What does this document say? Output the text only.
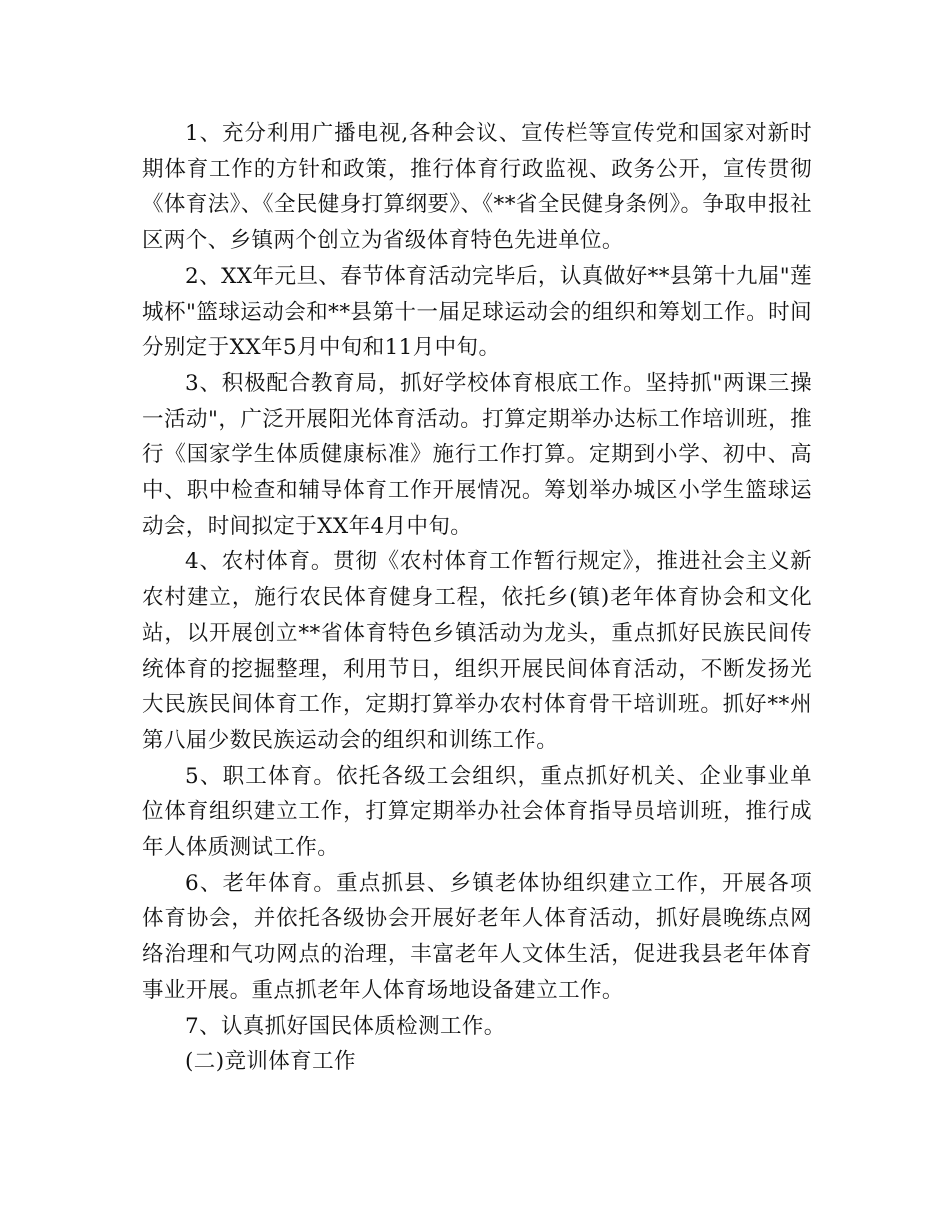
1、充分利用广播电视,各种会议、宣传栏等宣传党和国家对新时期体育工作的方针和政策，推行体育行政监视、政务公开，宣传贯彻《体育法》、《全民健身打算纲要》、《**省全民健身条例》。争取申报社区两个、乡镇两个创立为省级体育特色先进单位。

2、XX年元旦、春节体育活动完毕后，认真做好**县第十九届"莲城杯"篮球运动会和**县第十一届足球运动会的组织和筹划工作。时间分别定于XX年5月中旬和11月中旬。

3、积极配合教育局，抓好学校体育根底工作。坚持抓"两课三操一活动"，广泛开展阳光体育活动。打算定期举办达标工作培训班，推行《国家学生体质健康标准》施行工作打算。定期到小学、初中、高中、职中检查和辅导体育工作开展情况。筹划举办城区小学生篮球运动会，时间拟定于XX年4月中旬。

4、农村体育。贯彻《农村体育工作暂行规定》，推进社会主义新农村建立，施行农民体育健身工程，依托乡(镇)老年体育协会和文化站，以开展创立**省体育特色乡镇活动为龙头，重点抓好民族民间传统体育的挖掘整理，利用节日，组织开展民间体育活动，不断发扬光大民族民间体育工作，定期打算举办农村体育骨干培训班。抓好**州第八届少数民族运动会的组织和训练工作。

5、职工体育。依托各级工会组织，重点抓好机关、企业事业单位体育组织建立工作，打算定期举办社会体育指导员培训班，推行成年人体质测试工作。

6、老年体育。重点抓县、乡镇老体协组织建立工作，开展各项体育协会，并依托各级协会开展好老年人体育活动，抓好晨晚练点网络治理和气功网点的治理，丰富老年人文体生活，促进我县老年体育事业开展。重点抓老年人体育场地设备建立工作。

7、认真抓好国民体质检测工作。

(二)竞训体育工作
